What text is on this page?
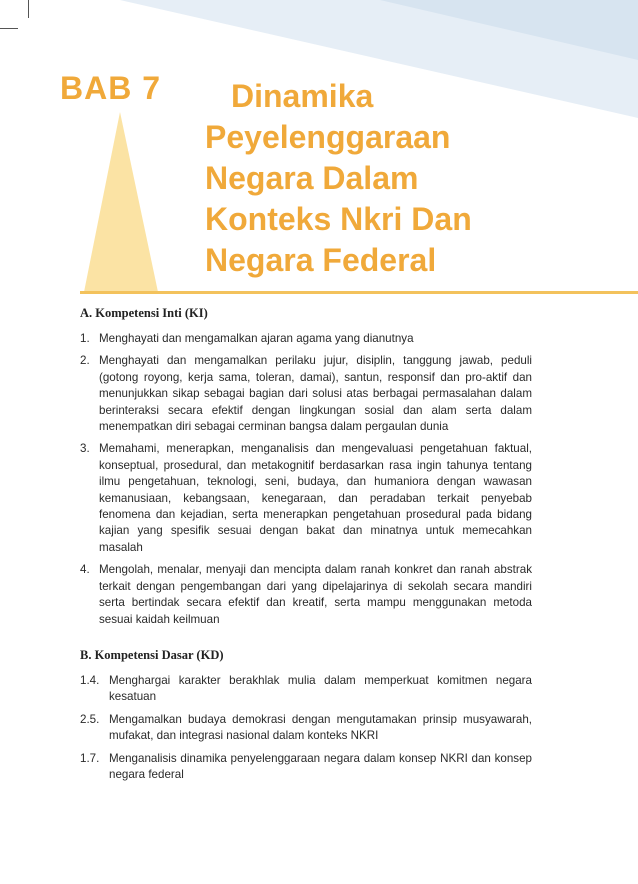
BAB 7	Dinamika
Peyelenggaraan
Negara Dalam
Konteks Nkri Dan
Negara Federal
A. Kompetensi Inti (KI)
1. Menghayati dan mengamalkan ajaran agama yang dianutnya
2. Menghayati dan mengamalkan perilaku jujur, disiplin, tanggung jawab, peduli (gotong royong, kerja sama, toleran, damai), santun, responsif dan pro-aktif dan menunjukkan sikap sebagai bagian dari solusi atas berbagai permasalahan dalam berinteraksi secara efektif dengan lingkungan sosial dan alam serta dalam menempatkan diri sebagai cerminan bangsa dalam pergaulan dunia
3. Memahami, menerapkan, menganalisis dan mengevaluasi pengetahuan faktual, konseptual, prosedural, dan metakognitif berdasarkan rasa ingin tahunya tentang ilmu pengetahuan, teknologi, seni, budaya, dan humaniora dengan wawasan kemanusiaan, kebangsaan, kenegaraan, dan peradaban terkait penyebab fenomena dan kejadian, serta menerapkan pengetahuan prosedural pada bidang kajian yang spesifik sesuai dengan bakat dan minatnya untuk memecahkan masalah
4. Mengolah, menalar, menyaji dan mencipta dalam ranah konkret dan ranah abstrak terkait dengan pengembangan dari yang dipelajarinya di sekolah secara mandiri serta bertindak secara efektif dan kreatif, serta mampu menggunakan metoda sesuai kaidah keilmuan
B. Kompetensi Dasar (KD)
1.4. Menghargai karakter berakhlak mulia dalam memperkuat komitmen negara kesatuan
2.5. Mengamalkan budaya demokrasi dengan mengutamakan prinsip musyawarah, mufakat, dan integrasi nasional dalam konteks NKRI
1.7. Menganalisis dinamika penyelenggaraan negara dalam konsep NKRI dan konsep negara federal
